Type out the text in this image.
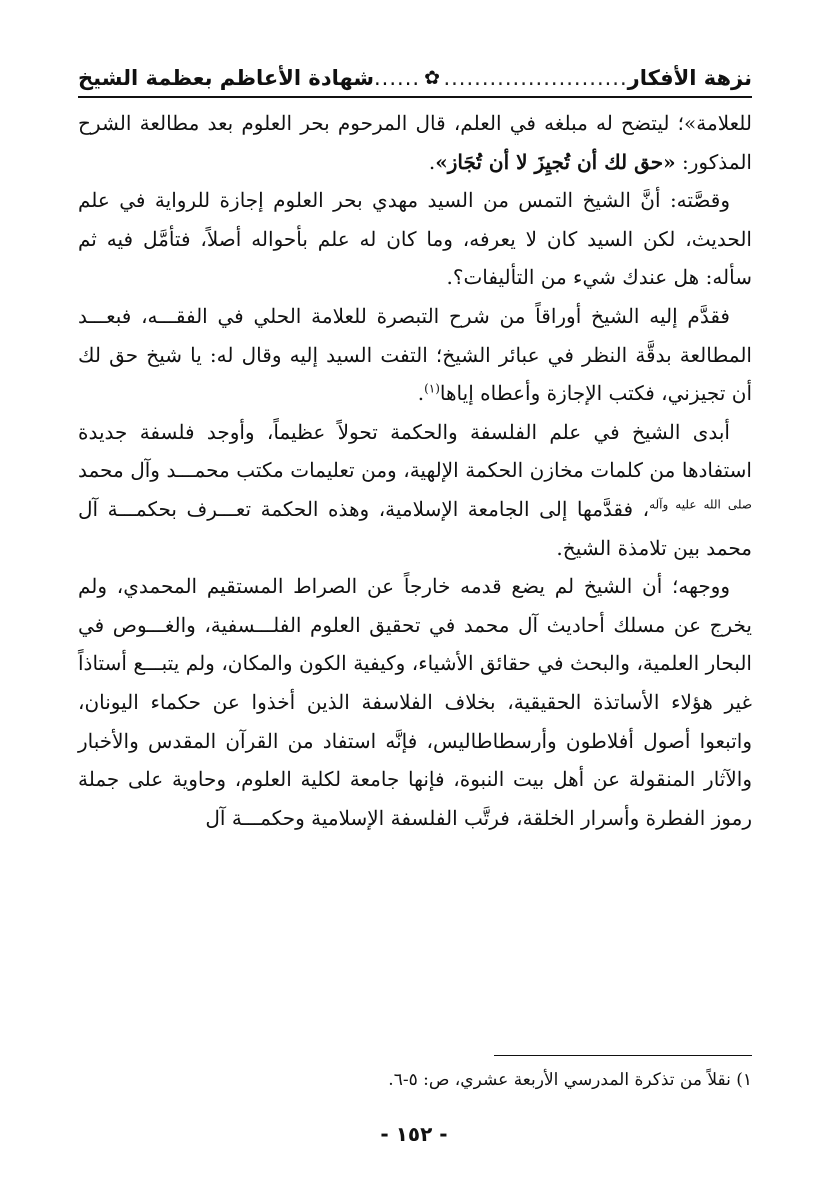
نزهة الأفكار
.....
✿
......
شهادة الأعاظم بعظمة الشيخ

للعلامة»؛ ليتضح له مبلغه في العلم، قال المرحوم بحر العلوم بعد مطالعة الشرح المذكور: «حق لك أن تُجيِزَ لا أن تُجَاز».

وقصَّته: أنَّ الشيخ التمس من السيد مهدي بحر العلوم إجازة للرواية في علم الحديث، لكن السيد كان لا يعرفه، وما كان له علم بأحواله أصلاً، فتأمَّل فيه ثم سأله: هل عندك شيء من التأليفات؟.

فقدَّم إليه الشيخ أوراقاً من شرح التبصرة للعلامة الحلي في الفقـــه، فبعـــد المطالعة بدقَّة النظر في عبائر الشيخ؛ التفت السيد إليه وقال له: يا شيخ حق لك أن تجيزني، فكتب الإجازة وأعطاه إياها$^{(١)}$.

أبدى الشيخ في علم الفلسفة والحكمة تحولاً عظيماً، وأوجد فلسفة جديدة استفادها من كلمات مخازن الحكمة الإلهية، ومن تعليمات مكتب محمـــد وآل محمد $^{صلى الله عليه وآله}$، فقدَّمها إلى الجامعة الإسلامية، وهذه الحكمة تعـــرف بحكمـــة آل محمد بين تلامذة الشيخ.

ووجهه؛ أن الشيخ لم يضع قدمه خارجاً عن الصراط المستقيم المحمدي، ولم يخرج عن مسلك أحاديث آل محمد في تحقيق العلوم الفلـــسفية، والغـــوص في البحار العلمية، والبحث في حقائق الأشياء، وكيفية الكون والمكان، ولم يتبـــع أستاذاً غير هؤلاء الأساتذة الحقيقية، بخلاف الفلاسفة الذين أخذوا عن حكماء اليونان، واتبعوا أصول أفلاطون وأرسطاطاليس، فإنَّه استفاد من القرآن المقدس والأخبار والآثار المنقولة عن أهل بيت النبوة، فإنها جامعة لكلية العلوم، وحاوية على جملة رموز الفطرة وأسرار الخلقة، فرتَّب الفلسفة الإسلامية وحكمـــة آل

١) نقلاً من تذكرة المدرسي الأربعة عشري، ص: ٥-٦.

- ١٥٢ -
